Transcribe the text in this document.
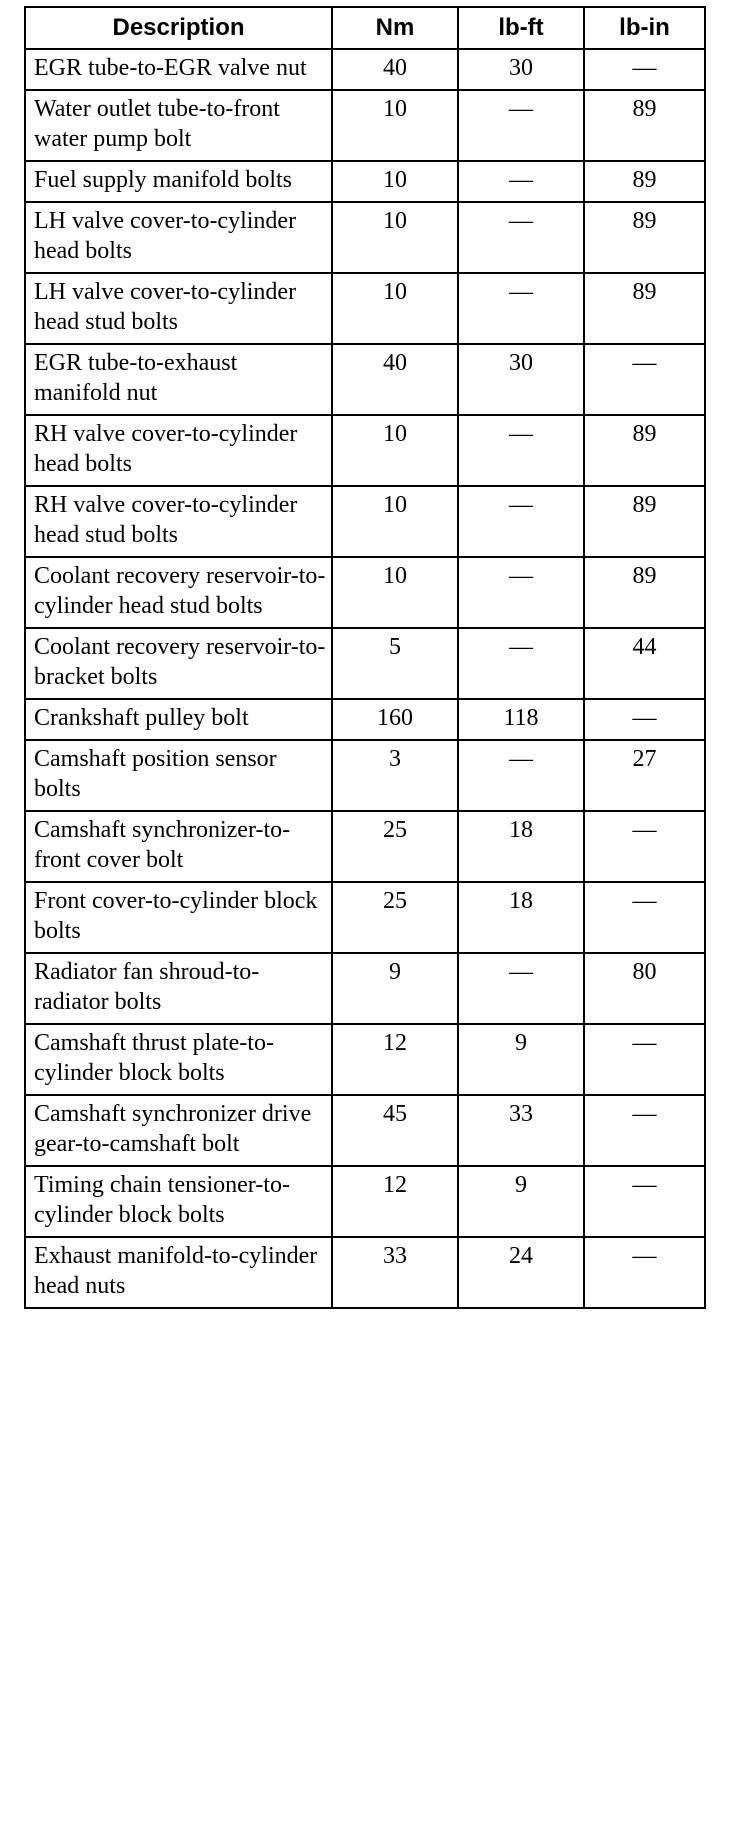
Description	Nm	lb-ft	lb-in
EGR tube-to-EGR valve nut	40	30	—
Water outlet tube-to-front water pump bolt	10	—	89
Fuel supply manifold bolts	10	—	89
LH valve cover-to-cylinder head bolts	10	—	89
LH valve cover-to-cylinder head stud bolts	10	—	89
EGR tube-to-exhaust manifold nut	40	30	—
RH valve cover-to-cylinder head bolts	10	—	89
RH valve cover-to-cylinder head stud bolts	10	—	89
Coolant recovery reservoir-to-cylinder head stud bolts	10	—	89
Coolant recovery reservoir-to-bracket bolts	5	—	44
Crankshaft pulley bolt	160	118	—
Camshaft position sensor bolts	3	—	27
Camshaft synchronizer-to-front cover bolt	25	18	—
Front cover-to-cylinder block bolts	25	18	—
Radiator fan shroud-to-radiator bolts	9	—	80
Camshaft thrust plate-to-cylinder block bolts	12	9	—
Camshaft synchronizer drive gear-to-camshaft bolt	45	33	—
Timing chain tensioner-to-cylinder block bolts	12	9	—
Exhaust manifold-to-cylinder head nuts	33	24	—
